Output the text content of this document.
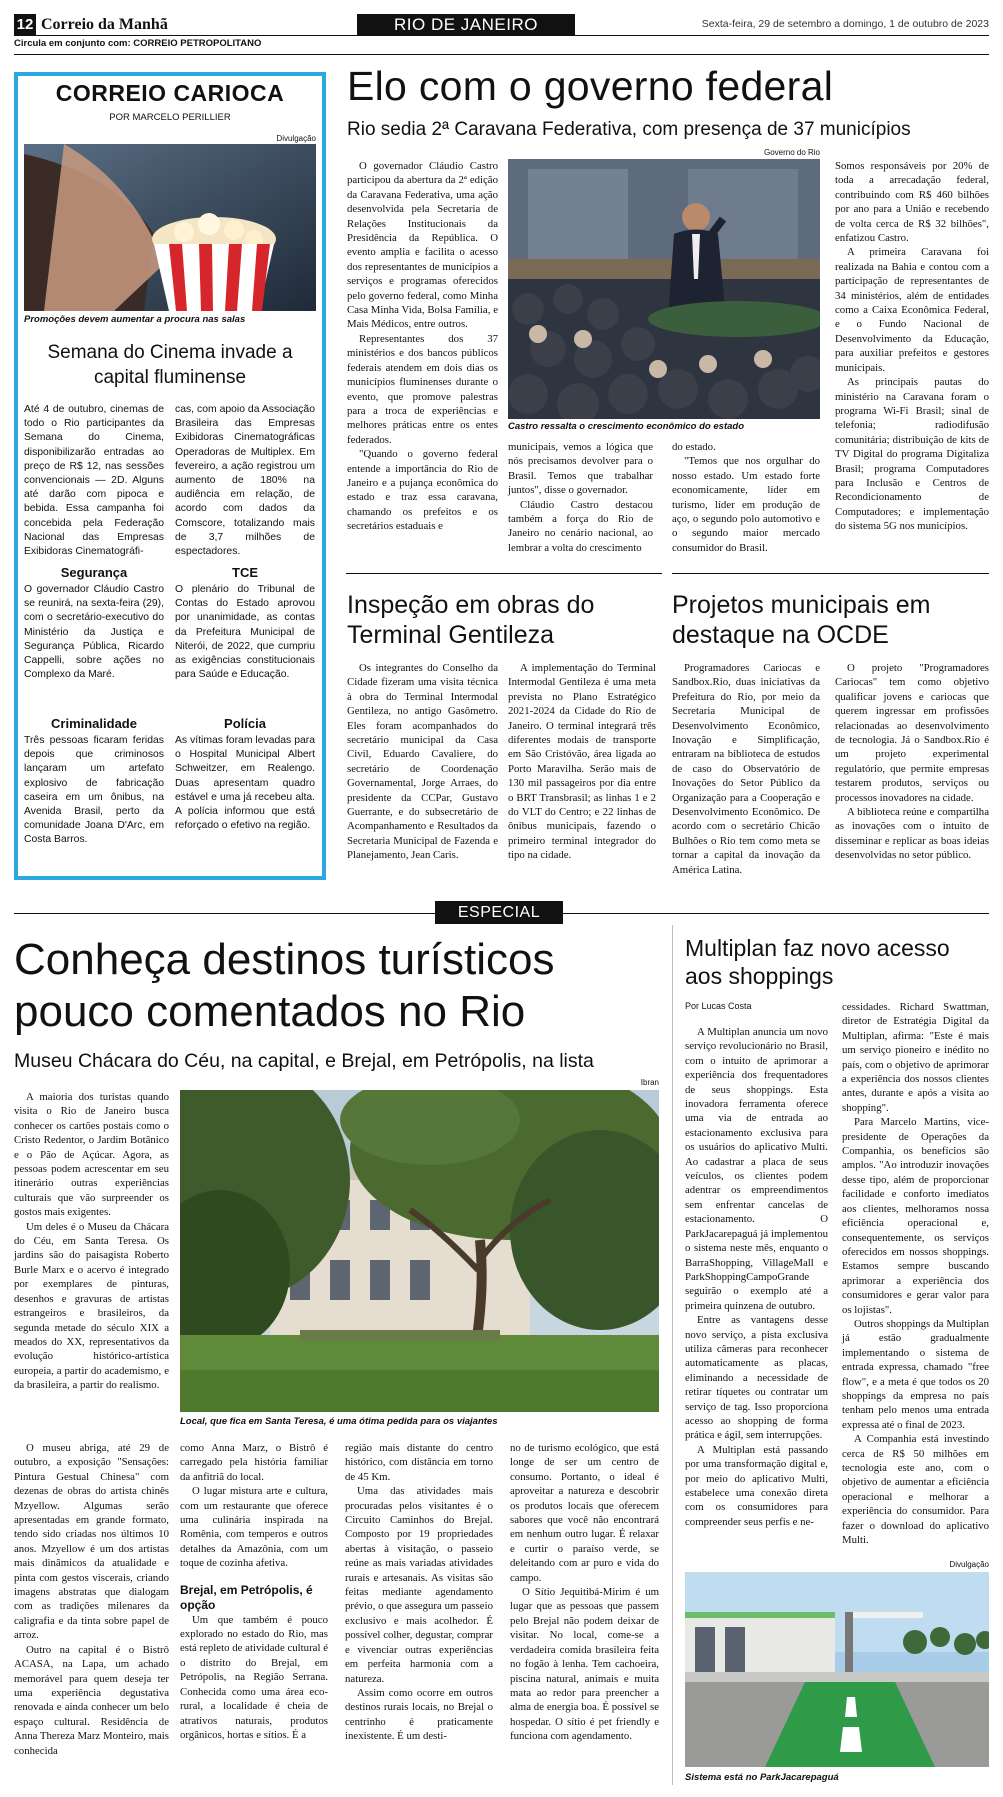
12 Correio da Manhã	RIO DE JANEIRO	Sexta-feira, 29 de setembro a domingo, 1 de outubro de 2023
Circula em conjunto com: CORREIO PETROPOLITANO
CORREIO CARIOCA
POR MARCELO PERILLIER
Divulgação
Promoções devem aumentar a procura nas salas
Semana do Cinema invade a capital fluminense
Até 4 de outubro, cinemas de todo o Rio participantes da Semana do Cinema, disponibilizarão entradas ao preço de R$ 12, nas sessões convencionais — 2D. Alguns até darão com pipoca e bebida. Essa campanha foi concebida pela Federação Nacional das Empresas Exibidoras Cinematográfi-
cas, com apoio da Associação Brasileira das Empresas Exibidoras Cinematográficas Operadoras de Multiplex. Em fevereiro, a ação registrou um aumento de 180% na audiência em relação, de acordo com dados da Comscore, totalizando mais de 3,7 milhões de espectadores.
Segurança
O governador Cláudio Castro se reunirá, na sexta-feira (29), com o secretário-executivo do Ministério da Justiça e Segurança Pública, Ricardo Cappelli, sobre ações no Complexo da Maré.
TCE
O plenário do Tribunal de Contas do Estado aprovou por unanimidade, as contas da Prefeitura Municipal de Niterói, de 2022, que cumpriu as exigências constitucionais para Saúde e Educação.
Criminalidade
Três pessoas ficaram feridas depois que criminosos lançaram um artefato explosivo de fabricação caseira em um ônibus, na Avenida Brasil, perto da comunidade Joana D'Arc, em Costa Barros.
Polícia
As vítimas foram levadas para o Hospital Municipal Albert Schweitzer, em Realengo. Duas apresentam quadro estável e uma já recebeu alta. A polícia informou que está reforçado o efetivo na região.
Elo com o governo federal
Rio sedia 2ª Caravana Federativa, com presença de 37 municípios
Governo do Rio
Castro ressalta o crescimento econômico do estado

O governador Cláudio Castro participou da abertura da 2ª edição da Caravana Federativa, uma ação desenvolvida pela Secretaria de Relações Institucionais da Presidência da República. O evento amplia e facilita o acesso dos representantes de municípios a serviços e programas oferecidos pelo governo federal, como Minha Casa Minha Vida, Bolsa Família, e Mais Médicos, entre outros.

Representantes dos 37 ministérios e dos bancos públicos federais atendem em dois dias os municípios fluminenses durante o evento, que promove palestras para a troca de experiências e melhores práticas entre os entes federados.

"Quando o governo federal entende a importância do Rio de Janeiro e a pujança econômica do estado e traz essa caravana, chamando os prefeitos e os secretários estaduais e

municipais, vemos a lógica que nós precisamos devolver para o Brasil. Temos que trabalhar juntos", disse o governador.

Cláudio Castro destacou também a força do Rio de Janeiro no cenário nacional, ao lembrar a volta do crescimento

do estado.

"Temos que nos orgulhar do nosso estado. Um estado forte economicamente, líder em turismo, líder em produção de aço, o segundo polo automotivo e o segundo maior mercado consumidor do Brasil.

Somos responsáveis por 20% de toda a arrecadação federal, contribuindo com R$ 460 bilhões por ano para a União e recebendo de volta cerca de R$ 32 bilhões", enfatizou Castro.

A primeira Caravana foi realizada na Bahia e contou com a participação de representantes de 34 ministérios, além de entidades como a Caixa Econômica Federal, e o Fundo Nacional de Desenvolvimento da Educação, para auxiliar prefeitos e gestores municipais.

As principais pautas do ministério na Caravana foram o programa Wi-Fi Brasil; sinal de telefonia; radiodifusão comunitária; distribuição de kits de TV Digital do programa Digitaliza Brasil; programa Computadores para Inclusão e Centros de Recondicionamento de Computadores; e implementação do sistema 5G nos municípios.

Inspeção em obras do Terminal Gentileza

Os integrantes do Conselho da Cidade fizeram uma visita técnica à obra do Terminal Intermodal Gentileza, no antigo Gasômetro. Eles foram acompanhados do secretário municipal da Casa Civil, Eduardo Cavaliere, do secretário de Coordenação Governamental, Jorge Arraes, do presidente da CCPar, Gustavo Guerrante, e do subsecretário de Acompanhamento e Resultados da Secretaria Municipal de Fazenda e Planejamento, Jean Caris.

A implementação do Terminal Intermodal Gentileza é uma meta prevista no Plano Estratégico 2021-2024 da Cidade do Rio de Janeiro. O terminal integrará três diferentes modais de transporte em São Cristóvão, área ligada ao Porto Maravilha. Serão mais de 130 mil passageiros por dia entre o BRT Transbrasil; as linhas 1 e 2 do VLT do Centro; e 22 linhas de ônibus municipais, fazendo o primeiro terminal integrador do tipo na cidade.

Projetos municipais em destaque na OCDE

Programadores Cariocas e Sandbox.Rio, duas iniciativas da Prefeitura do Rio, por meio da Secretaria Municipal de Desenvolvimento Econômico, Inovação e Simplificação, entraram na biblioteca de estudos de caso do Observatório de Inovações do Setor Público da Organização para a Cooperação e Desenvolvimento Econômico. De acordo com o secretário Chicão Bulhões o Rio tem como meta se tornar a capital da inovação da América Latina.

O projeto "Programadores Cariocas" tem como objetivo qualificar jovens e cariocas que querem ingressar em profissões relacionadas ao desenvolvimento de tecnologia. Já o Sandbox.Rio é um projeto experimental regulatório, que permite empresas testarem produtos, serviços ou processos inovadores na cidade.

A biblioteca reúne e compartilha as inovações com o intuito de disseminar e replicar as boas ideias desenvolvidas no setor público.

ESPECIAL
Conheça destinos turísticos pouco comentados no Rio
Museu Chácara do Céu, na capital, e Brejal, em Petrópolis, na lista
Ibran
Local, que fica em Santa Teresa, é uma ótima pedida para os viajantes

A maioria dos turistas quando visita o Rio de Janeiro busca conhecer os cartões postais como o Cristo Redentor, o Jardim Botânico e o Pão de Açúcar. Agora, as pessoas podem acrescentar em seu itinerário outras experiências culturais que vão surpreender os gostos mais exigentes.

Um deles é o Museu da Chácara do Céu, em Santa Teresa. Os jardins são do paisagista Roberto Burle Marx e o acervo é integrado por exemplares de pinturas, desenhos e gravuras de artistas estrangeiros e brasileiros, da segunda metade do século XIX a meados do XX, representativos da evolução histórico-artística europeia, a partir do academismo, e da brasileira, a partir do realismo.

O museu abriga, até 29 de outubro, a exposição "Sensações: Pintura Gestual Chinesa" com dezenas de obras do artista chinês Mzyellow. Algumas serão apresentadas em grande formato, tendo sido criadas nos últimos 10 anos. Mzyellow é um dos artistas mais dinâmicos da atualidade e pinta com gestos viscerais, criando imagens abstratas que dialogam com as tradições milenares da caligrafia e da tinta sobre papel de arroz.

Outro na capital é o Bistrô ACASA, na Lapa, um achado memorável para quem deseja ter uma experiência degustativa renovada e ainda conhecer um belo espaço cultural. Residência de Anna Thereza Marz Monteiro, mais conhecida

como Anna Marz, o Bistrô é carregado pela história familiar da anfitriã do local.

O lugar mistura arte e cultura, com um restaurante que oferece uma culinária inspirada na Romênia, com temperos e outros detalhes da Amazônia, com um toque de cozinha afetiva.

Brejal, em Petrópolis, é opção

Um que também é pouco explorado no estado do Rio, mas está repleto de atividade cultural é o distrito do Brejal, em Petrópolis, na Região Serrana. Conhecida como uma área eco-rural, a localidade é cheia de atrativos naturais, produtos orgânicos, hortas e sítios. É a

região mais distante do centro histórico, com distância em torno de 45 Km.

Uma das atividades mais procuradas pelos visitantes é o Circuito Caminhos do Brejal. Composto por 19 propriedades abertas à visitação, o passeio reúne as mais variadas atividades rurais e artesanais. As visitas são feitas mediante agendamento prévio, o que assegura um passeio exclusivo e mais acolhedor. É possível colher, degustar, comprar e vivenciar outras experiências em perfeita harmonia com a natureza.

Assim como ocorre em outros destinos rurais locais, no Brejal o centrinho é praticamente inexistente. É um desti-

no de turismo ecológico, que está longe de ser um centro de consumo. Portanto, o ideal é aproveitar a natureza e descobrir os produtos locais que oferecem sabores que você não encontrará em nenhum outro lugar. É relaxar e curtir o paraíso verde, se deleitando com ar puro e vida do campo.

O Sítio Jequitibá-Mirim é um lugar que as pessoas que passem pelo Brejal não podem deixar de visitar. No local, come-se a verdadeira comida brasileira feita no fogão à lenha. Tem cachoeira, piscina natural, animais e muita mata ao redor para preencher a alma de energia boa. É possível se hospedar. O sítio é pet friendly e funciona com agendamento.

Multiplan faz novo acesso aos shoppings
Por Lucas Costa

A Multiplan anuncia um novo serviço revolucionário no Brasil, com o intuito de aprimorar a experiência dos frequentadores de seus shoppings. Esta inovadora ferramenta oferece uma via de entrada ao estacionamento exclusiva para os usuários do aplicativo Multi. Ao cadastrar a placa de seus veículos, os clientes podem adentrar os empreendimentos sem enfrentar cancelas de estacionamento. O ParkJacarepaguá já implementou o sistema neste mês, enquanto o BarraShopping, VillageMall e ParkShoppingCampoGrande seguirão o exemplo até a primeira quinzena de outubro.

Entre as vantagens desse novo serviço, a pista exclusiva utiliza câmeras para reconhecer automaticamente as placas, eliminando a necessidade de retirar tíquetes ou contratar um serviço de tag. Isso proporciona acesso ao shopping de forma prática e ágil, sem interrupções.

A Multiplan está passando por uma transformação digital e, por meio do aplicativo Multi, estabelece uma conexão direta com os consumidores para compreender seus perfis e ne-

cessidades. Richard Swattman, diretor de Estratégia Digital da Multiplan, afirma: "Este é mais um serviço pioneiro e inédito no país, com o objetivo de aprimorar a experiência dos nossos clientes antes, durante e após a visita ao shopping".

Para Marcelo Martins, vice-presidente de Operações da Companhia, os benefícios são amplos. "Ao introduzir inovações desse tipo, além de proporcionar facilidade e conforto imediatos aos clientes, melhoramos nossa eficiência operacional e, consequentemente, os serviços oferecidos em nossos shoppings. Estamos sempre buscando aprimorar a experiência dos consumidores e gerar valor para os lojistas".

Outros shoppings da Multiplan já estão gradualmente implementando o sistema de entrada expressa, chamado "free flow", e a meta é que todos os 20 shoppings da empresa no país tenham pelo menos uma entrada expressa até o final de 2023.

A Companhia está investindo cerca de R$ 50 milhões em tecnologia este ano, com o objetivo de aumentar a eficiência operacional e melhorar a experiência do consumidor. Para fazer o download do aplicativo Multi.

Divulgação
Sistema está no ParkJacarepaguá
